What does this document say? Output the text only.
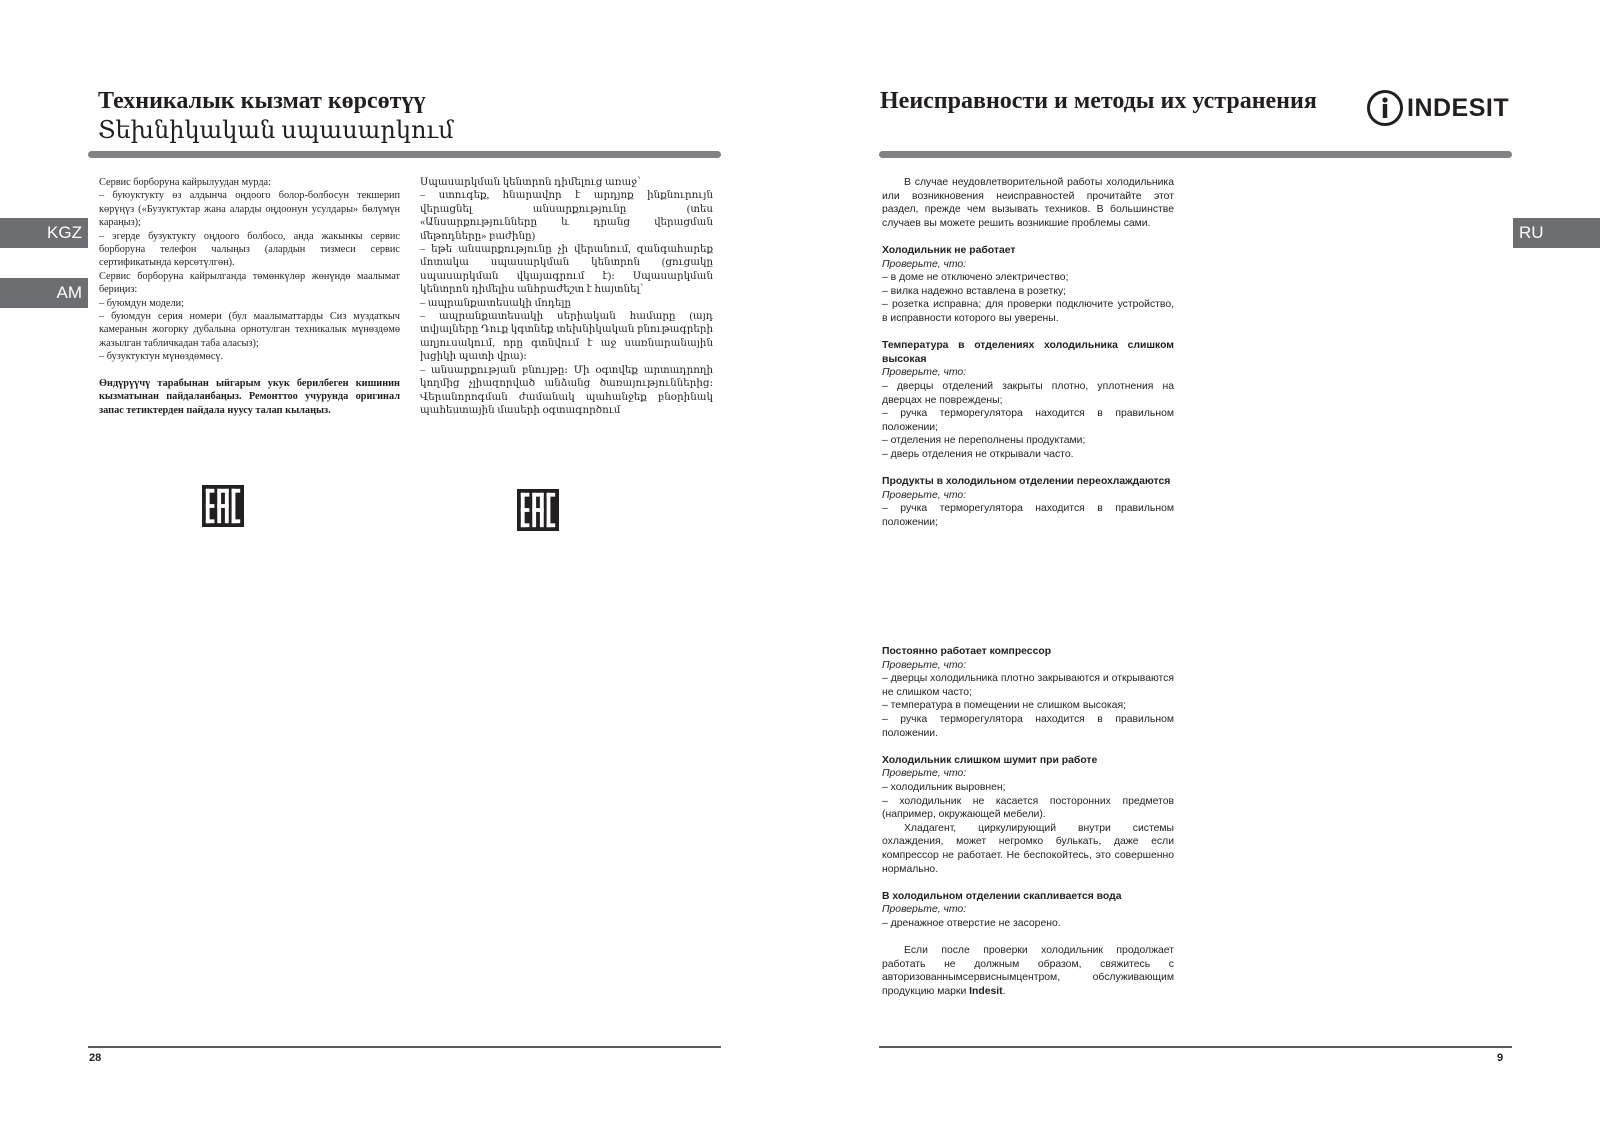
Техникалык кызмат көрсөтүү
Տեխնիկական սպասարկում
KGZ
AM

Сервис борборуна кайрылуудан мурда:

– буюуктукту өз алдынча оңдоого болор-болбосун текшерип көрүңүз («Бузуктуктар жана аларды оңдоонун усулдары» бөлүмүн караңыз);

– эгерде бузуктукту оңдоого болбосо, анда жакынкы сервис борборуна телефон чалыңыз (алардын тизмеси сервис сертификатында көрсөтүлгөн).

Сервис борборуна кайрылганда төмөнкүлөр жөнүндө маалымат бериңиз:

– буюмдун модели;

– буюмдун серия номери (бул маалыматтарды Сиз муздаткыч камеранын жогорку дубалына орнотулган техникалык мүнөздөмө жазылган табличкадан таба аласыз);

– бузуктуктун мүнөздөмөсү.

Өндүрүүчү тарабынан ыйгарым укук берилбеген кишинин кызматынан пайдаланбаңыз. Ремонттоо учурунда оригинал запас тетиктерден пайдала нуусу талап кылаңыз.

Սպասարկման կենտրոն դիմելուց առաջ՝

– ստուգեք, հնարավոր է արդյոք ինքնուրույն վերացնել անսարքությունը (տես «Անսարքությունները և դրանց վերացման մեթոդները» բաժինը)

– եթե անսարքությունը չի վերանում, զանգահարեք մոտակա սպասարկման կենտրոն (ցուցակը սպասարկման վկայագրում է)։ Սպասարկման կենտրոն դիմելիս անհրաժեշտ է հայտնել՝

– ապրանքատեսակի մոդելը

– ապրանքատեսակի սերիական համարը (այդ տվյալները Դուք կգտնեք տեխնիկական բնութագրերի աղյուսակում, որը գտնվում է աջ սառնարանային խցիկի պատի վրա)։

– անսարքության բնույթը։ Մի օգտվեք արտադրողի կողմից չլիազորված անձանց ծառայություններից։ Վերանորոգման ժամանակ պահանջեք բնօրինակ պահեստային մասերի օգտագործում

28
Неисправности и методы их устранения	INDESIT
RU

В случае неудовлетворительной работы холодильника или возникновения неисправностей прочитайте этот раздел, прежде чем вызывать техников. В большинстве случаев вы можете решить возникшие проблемы сами.

Холодильник не работает

Проверьте, что:

– в доме не отключено электричество;

– вилка надежно вставлена в розетку;

– розетка исправна; для проверки подключите устройство, в исправности которого вы уверены.

Температура в отделениях холодильника слишком высокая

Проверьте, что:

– дверцы отделений закрыты плотно, уплотнения на дверцах не повреждены;

– ручка терморегулятора находится в правильном положении;

– отделения не переполнены продуктами;

– дверь отделения не открывали часто.

Продукты в холодильном отделении переохлаждаются

Проверьте, что:

– ручка терморегулятора находится в правильном положении;

Постоянно работает компрессор

Проверьте, что:

– дверцы холодильника плотно закрываются и открываются не слишком часто;

– температура в помещении не слишком высокая;

– ручка терморегулятора находится в правильном положении.

Холодильник слишком шумит при работе

Проверьте, что:

– холодильник выровнен;

– холодильник не касается посторонних предметов (например, окружающей мебели).

Хладагент, циркулирующий внутри системы охлаждения, может негромко булькать, даже если компрессор не работает. Не беспокойтесь, это совершенно нормально.

В холодильном отделении скапливается вода

Проверьте, что:

– дренажное отверстие не засорено.

Если после проверки холодильник продолжает работать не должным образом, свяжитесь с авторизованнымсервиснымцентром, обслуживающим продукцию марки Indesit.

9
